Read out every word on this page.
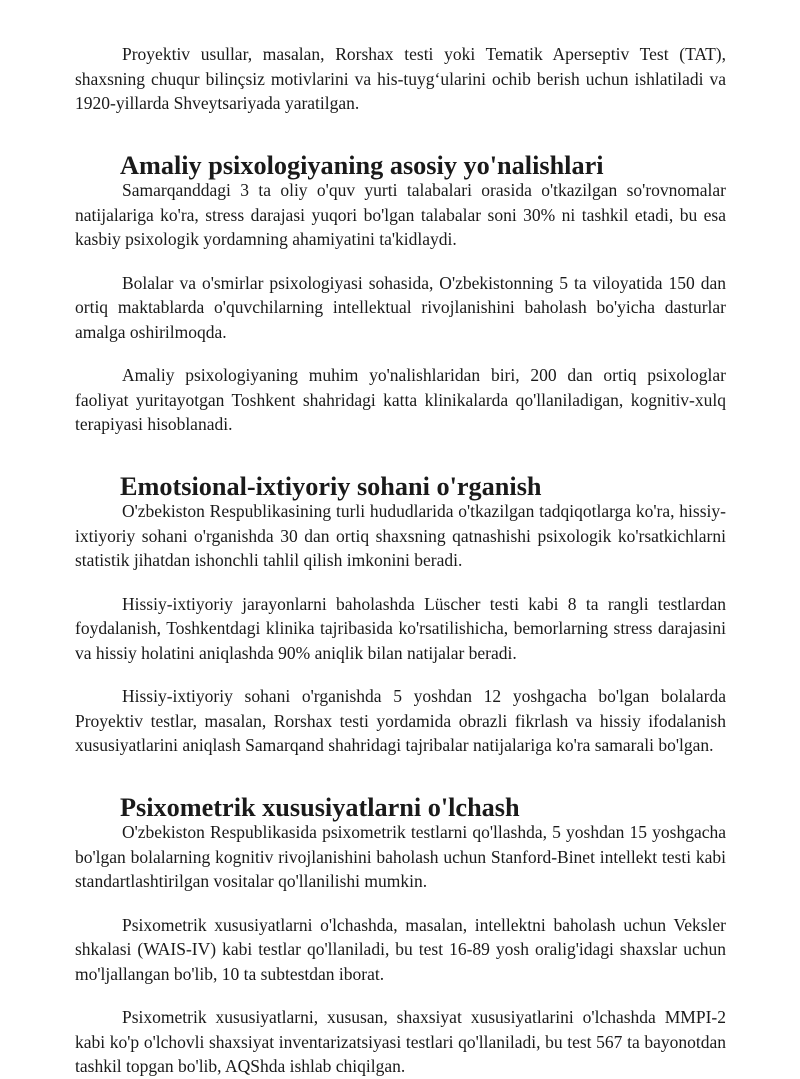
Proyektiv usullar, masalan, Rorshax testi yoki Tematik Aperseptiv Test (TAT), shaxsning chuqur bilinçsiz motivlarini va his-tuyg‘ularini ochib berish uchun ishlatiladi va 1920-yillarda Shveytsariyada yaratilgan.

Amaliy psixologiyaning asosiy yo'nalishlari

Samarqanddagi 3 ta oliy o'quv yurti talabalari orasida o'tkazilgan so'rovnomalar natijalariga ko'ra, stress darajasi yuqori bo'lgan talabalar soni 30% ni tashkil etadi, bu esa kasbiy psixologik yordamning ahamiyatini ta'kidlaydi.

Bolalar va o'smirlar psixologiyasi sohasida, O'zbekistonning 5 ta viloyatida 150 dan ortiq maktablarda o'quvchilarning intellektual rivojlanishini baholash bo'yicha dasturlar amalga oshirilmoqda.

Amaliy psixologiyaning muhim yo'nalishlaridan biri, 200 dan ortiq psixologlar faoliyat yuritayotgan Toshkent shahridagi katta klinikalarda qo'llaniladigan, kognitiv-xulq terapiyasi hisoblanadi.

Emotsional-ixtiyoriy sohani o'rganish

O'zbekiston Respublikasining turli hududlarida o'tkazilgan tadqiqotlarga ko'ra, hissiy-ixtiyoriy sohani o'rganishda 30 dan ortiq shaxsning qatnashishi psixologik ko'rsatkichlarni statistik jihatdan ishonchli tahlil qilish imkonini beradi.

Hissiy-ixtiyoriy jarayonlarni baholashda Lüscher testi kabi 8 ta rangli testlardan foydalanish, Toshkentdagi klinika tajribasida ko'rsatilishicha, bemorlarning stress darajasini va hissiy holatini aniqlashda 90% aniqlik bilan natijalar beradi.

Hissiy-ixtiyoriy sohani o'rganishda 5 yoshdan 12 yoshgacha bo'lgan bolalarda Proyektiv testlar, masalan, Rorshax testi yordamida obrazli fikrlash va hissiy ifodalanish xususiyatlarini aniqlash Samarqand shahridagi tajribalar natijalariga ko'ra samarali bo'lgan.

Psixometrik xususiyatlarni o'lchash

O'zbekiston Respublikasida psixometrik testlarni qo'llashda, 5 yoshdan 15 yoshgacha bo'lgan bolalarning kognitiv rivojlanishini baholash uchun Stanford-Binet intellekt testi kabi standartlashtirilgan vositalar qo'llanilishi mumkin.

Psixometrik xususiyatlarni o'lchashda, masalan, intellektni baholash uchun Veksler shkalasi (WAIS-IV) kabi testlar qo'llaniladi, bu test 16-89 yosh oralig'idagi shaxslar uchun mo'ljallangan bo'lib, 10 ta subtestdan iborat.

Psixometrik xususiyatlarni, xususan, shaxsiyat xususiyatlarini o'lchashda MMPI-2 kabi ko'p o'lchovli shaxsiyat inventarizatsiyasi testlari qo'llaniladi, bu test 567 ta bayonotdan tashkil topgan bo'lib, AQShda ishlab chiqilgan.
